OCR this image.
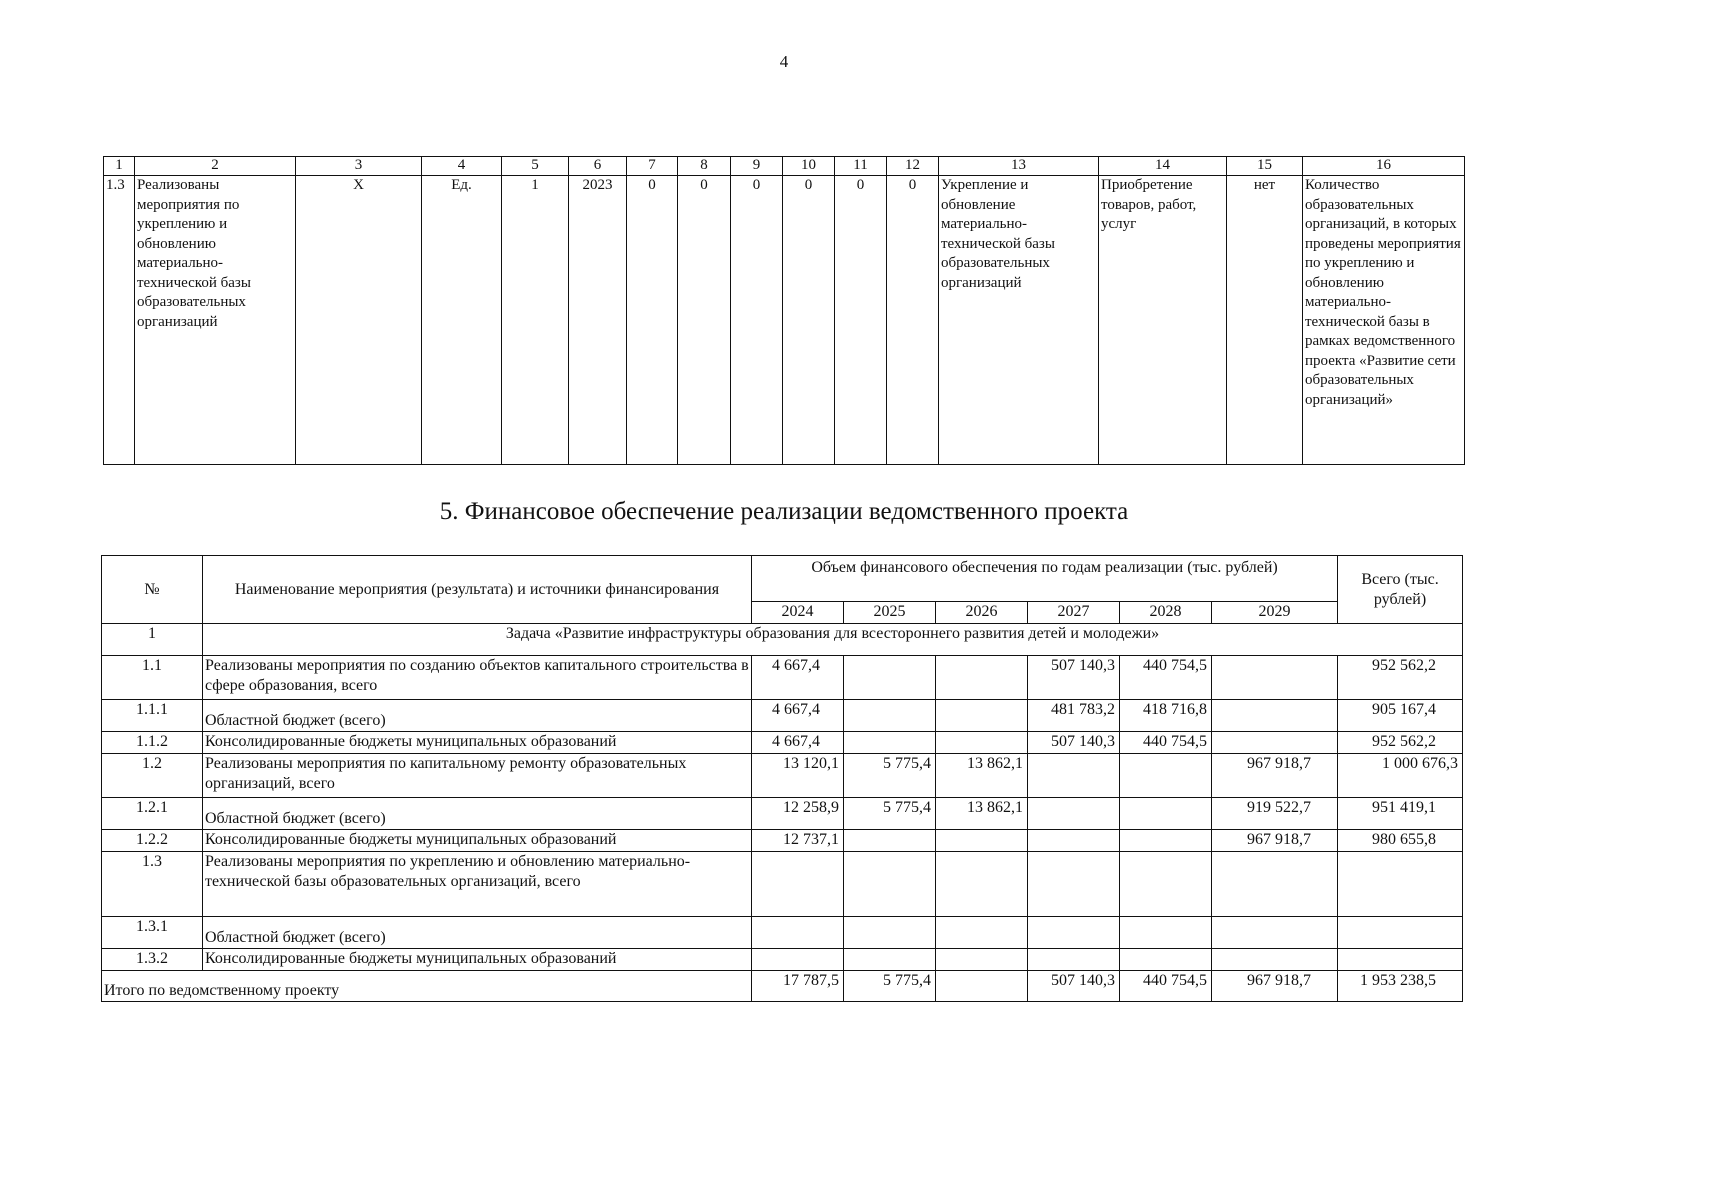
4
1	2	3	4	5	6	7	8	9	10	11	12	13	14	15	16
1.3	Реализованы мероприятия по укреплению и обновлению материально-технической базы образовательных организаций	X	Ед.	1	2023	0	0	0	0	0	0	Укрепление и обновление материально-технической базы образовательных организаций	Приобретение товаров, работ, услуг	нет	Количество образовательных организаций, в которых проведены мероприятия по укреплению и обновлению материально-технической базы в рамках ведомственного проекта «Развитие сети образовательных организаций»
5. Финансовое обеспечение реализации ведомственного проекта
№	Наименование мероприятия (результата) и источники финансирования	Объем финансового обеспечения по годам реализации (тыс. рублей)						Всего (тыс. рублей)
		2024	2025	2026	2027	2028	2029	
1	Задача «Развитие инфраструктуры образования для всестороннего развития детей и молодежи»							
1.1	Реализованы мероприятия по созданию объектов капитального строительства в сфере образования, всего	4 667,4			507 140,3	440 754,5		952 562,2
1.1.1	Областной бюджет (всего)	4 667,4			481 783,2	418 716,8		905 167,4
1.1.2	Консолидированные бюджеты муниципальных образований	4 667,4			507 140,3	440 754,5		952 562,2
1.2	Реализованы мероприятия по капитальному ремонту образовательных организаций, всего	13 120,1	5 775,4	13 862,1			967 918,7	1 000 676,3
1.2.1	Областной бюджет (всего)	12 258,9	5 775,4	13 862,1			919 522,7	951 419,1
1.2.2	Консолидированные бюджеты муниципальных образований	12 737,1					967 918,7	980 655,8
1.3	Реализованы мероприятия по укреплению и обновлению материально-технической базы образовательных организаций, всего							
1.3.1	Областной бюджет (всего)							
1.3.2	Консолидированные бюджеты муниципальных образований							
Итого по ведомственному проекту		17 787,5	5 775,4		507 140,3	440 754,5	967 918,7	1 953 238,5
